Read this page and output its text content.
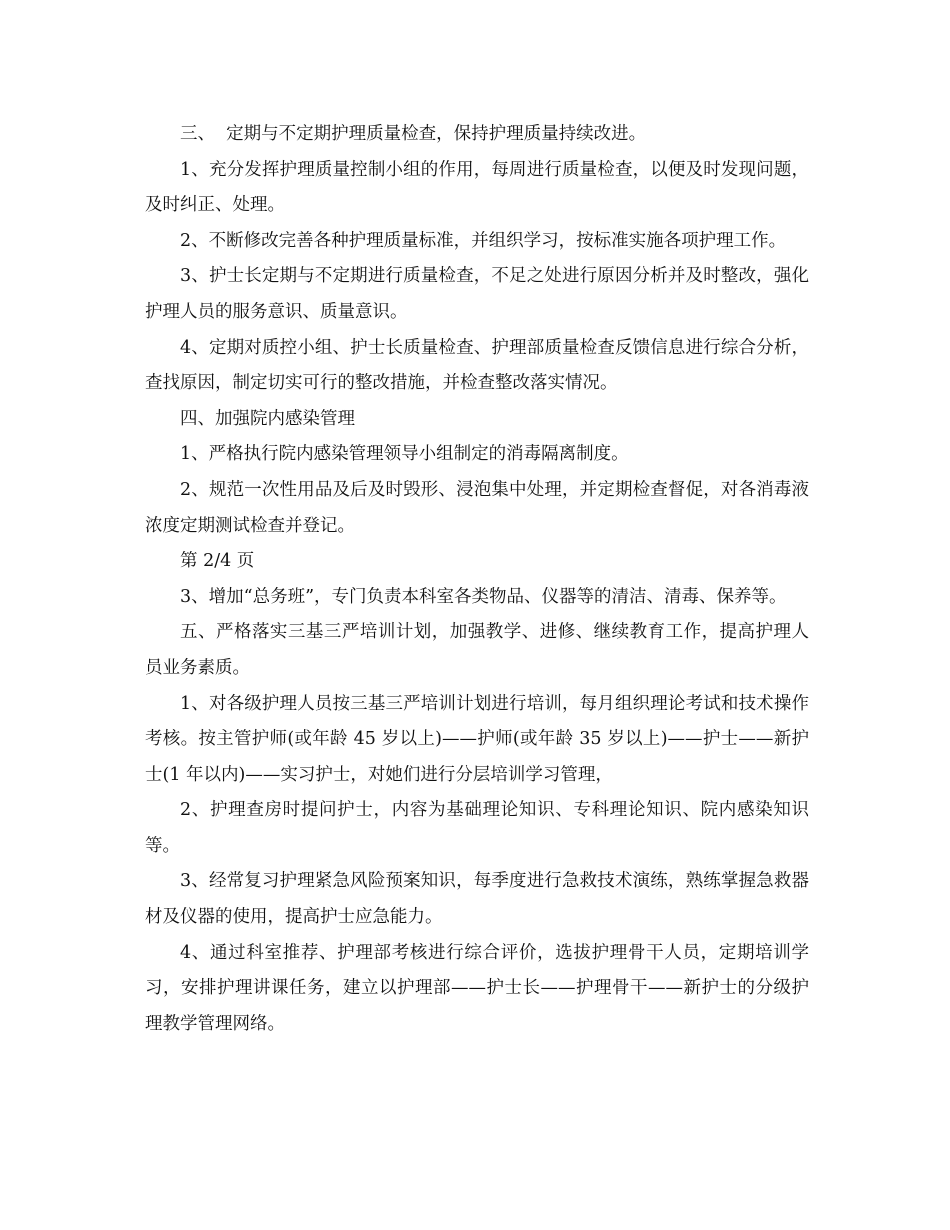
三、  定期与不定期护理质量检查，保持护理质量持续改进。

1、充分发挥护理质量控制小组的作用，每周进行质量检查，以便及时发现问题，及时纠正、处理。

2、不断修改完善各种护理质量标准，并组织学习，按标准实施各项护理工作。

3、护士长定期与不定期进行质量检查，不足之处进行原因分析并及时整改，强化护理人员的服务意识、质量意识。

4、定期对质控小组、护士长质量检查、护理部质量检查反馈信息进行综合分析，查找原因，制定切实可行的整改措施，并检查整改落实情况。

四、加强院内感染管理

1、严格执行院内感染管理领导小组制定的消毒隔离制度。

2、规范一次性用品及后及时毁形、浸泡集中处理，并定期检查督促，对各消毒液浓度定期测试检查并登记。

第 2/4 页

3、增加“总务班”，专门负责本科室各类物品、仪器等的清洁、清毒、保养等。

五、严格落实三基三严培训计划，加强教学、进修、继续教育工作，提高护理人员业务素质。

1、对各级护理人员按三基三严培训计划进行培训，每月组织理论考试和技术操作考核。按主管护师(或年龄 45 岁以上)——护师(或年龄 35 岁以上)——护士——新护士(1 年以内)——实习护士，对她们进行分层培训学习管理，

2、护理查房时提问护士，内容为基础理论知识、专科理论知识、院内感染知识等。

3、经常复习护理紧急风险预案知识，每季度进行急救技术演练，熟练掌握急救器材及仪器的使用，提高护士应急能力。

4、通过科室推荐、护理部考核进行综合评价，选拔护理骨干人员，定期培训学习，安排护理讲课任务，建立以护理部——护士长——护理骨干——新护士的分级护理教学管理网络。
